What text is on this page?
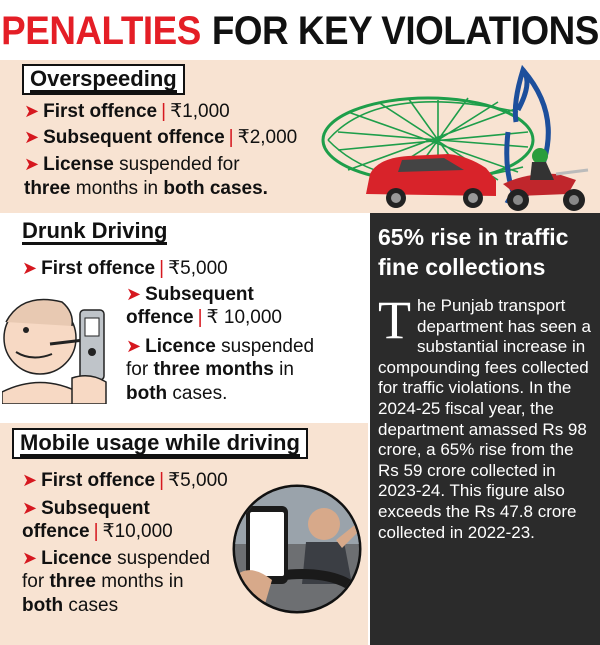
PENALTIES FOR KEY VIOLATIONS
Overspeeding
➤ First offence | ₹1,000
➤ Subsequent offence | ₹2,000
➤ License suspended for
three months in both cases.
Drunk Driving
➤ First offence | ₹5,000
➤ Subsequent
offence | ₹ 10,000
➤ Licence suspended
for three months in
both cases.
Mobile usage while driving
➤ First offence | ₹5,000
➤ Subsequent
offence | ₹10,000
➤ Licence suspended
for three months in
both cases
65% rise in traffic fine collections
The Punjab transport department has seen a substantial increase in compounding fees collected for traffic violations. In the 2024-25 fiscal year, the department amassed Rs 98 crore, a 65% rise from the Rs 59 crore collected in 2023-24. This figure also exceeds the Rs 47.8 crore collected in 2022-23.
